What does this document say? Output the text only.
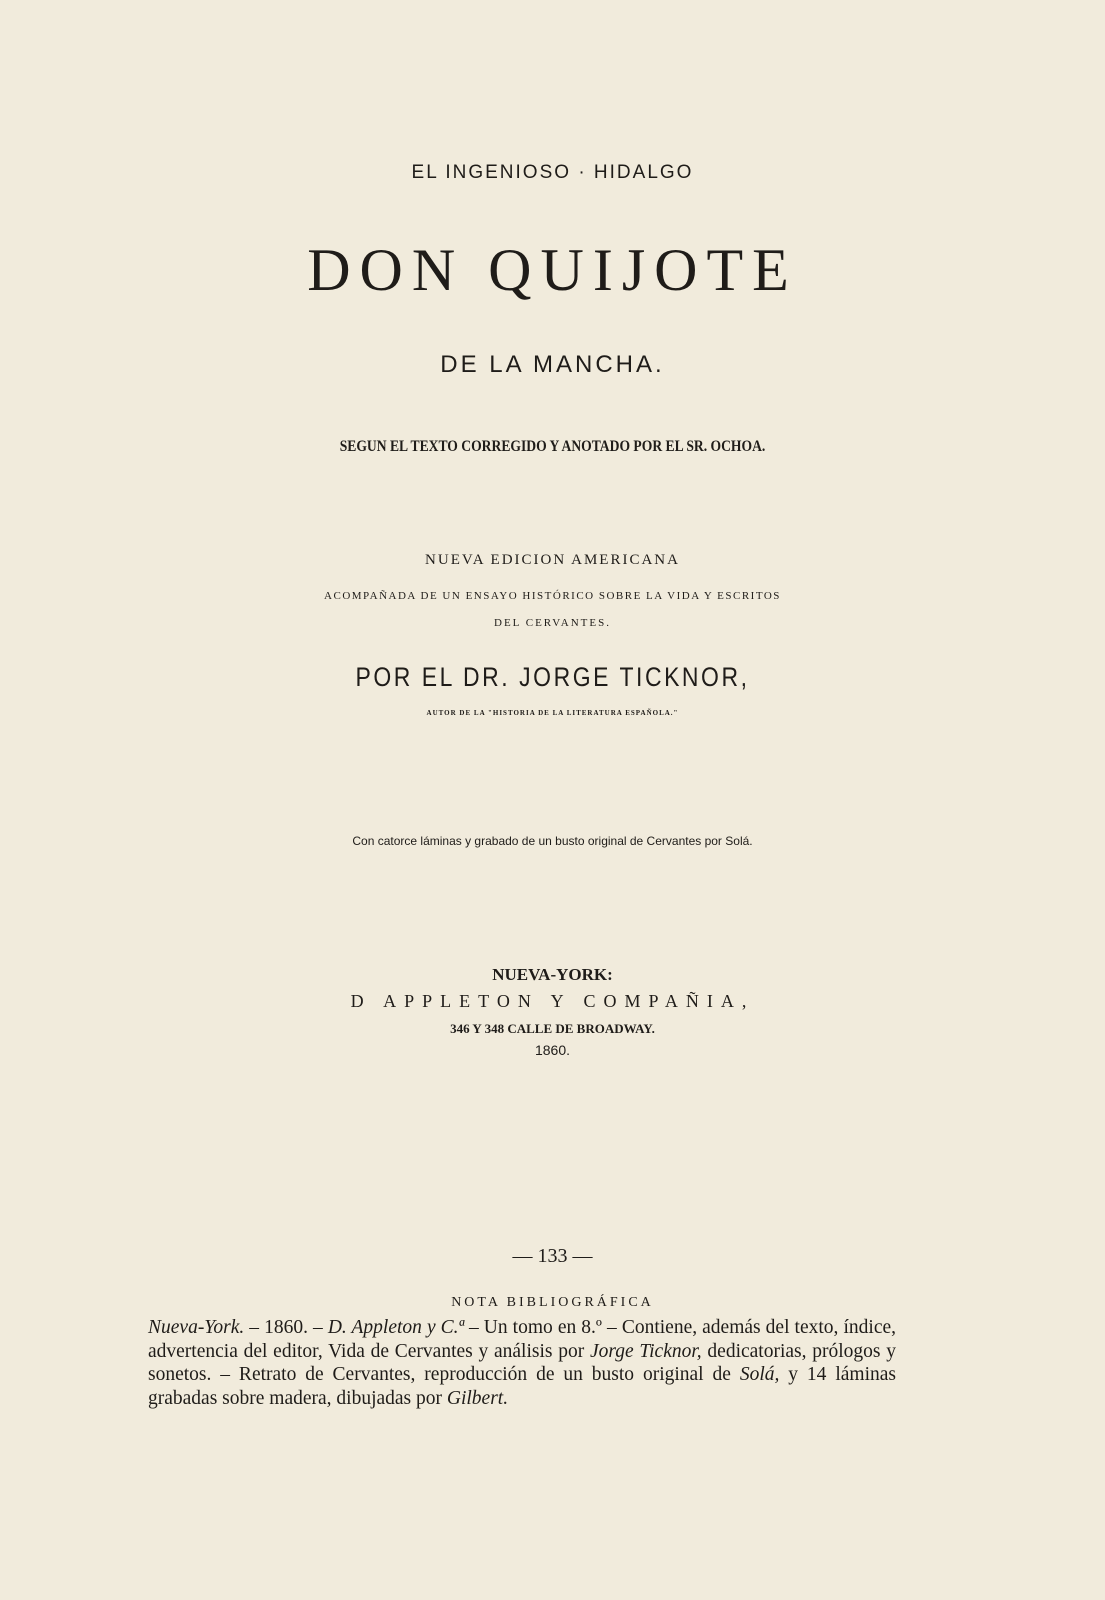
EL INGENIOSO · HIDALGO
DON QUIJOTE
DE LA MANCHA.
SEGUN EL TEXTO CORREGIDO Y ANOTADO POR EL SR. OCHOA.
NUEVA EDICION AMERICANA
ACOMPAÑADA DE UN ENSAYO HISTÓRICO SOBRE LA VIDA Y ESCRITOS
DEL CERVANTES.
POR EL DR. JORGE TICKNOR,
AUTOR DE LA "HISTORIA DE LA LITERATURA ESPAÑOLA."
Con catorce láminas y grabado de un busto original de Cervantes por Solá.
NUEVA-YORK:
D APPLETON Y COMPAÑIA,
346 Y 348 CALLE DE BROADWAY.
1860.
— 133 —
NOTA BIBLIOGRÁFICA
Nueva-York. – 1860. – D. Appleton y C.ª – Un tomo en 8.º – Contiene, además del texto, índice, advertencia del editor, Vida de Cervantes y análisis por Jorge Ticknor, dedicatorias, prólogos y sonetos. – Retrato de Cervantes, reproducción de un busto original de Solá, y 14 láminas grabadas sobre madera, dibujadas por Gilbert.
